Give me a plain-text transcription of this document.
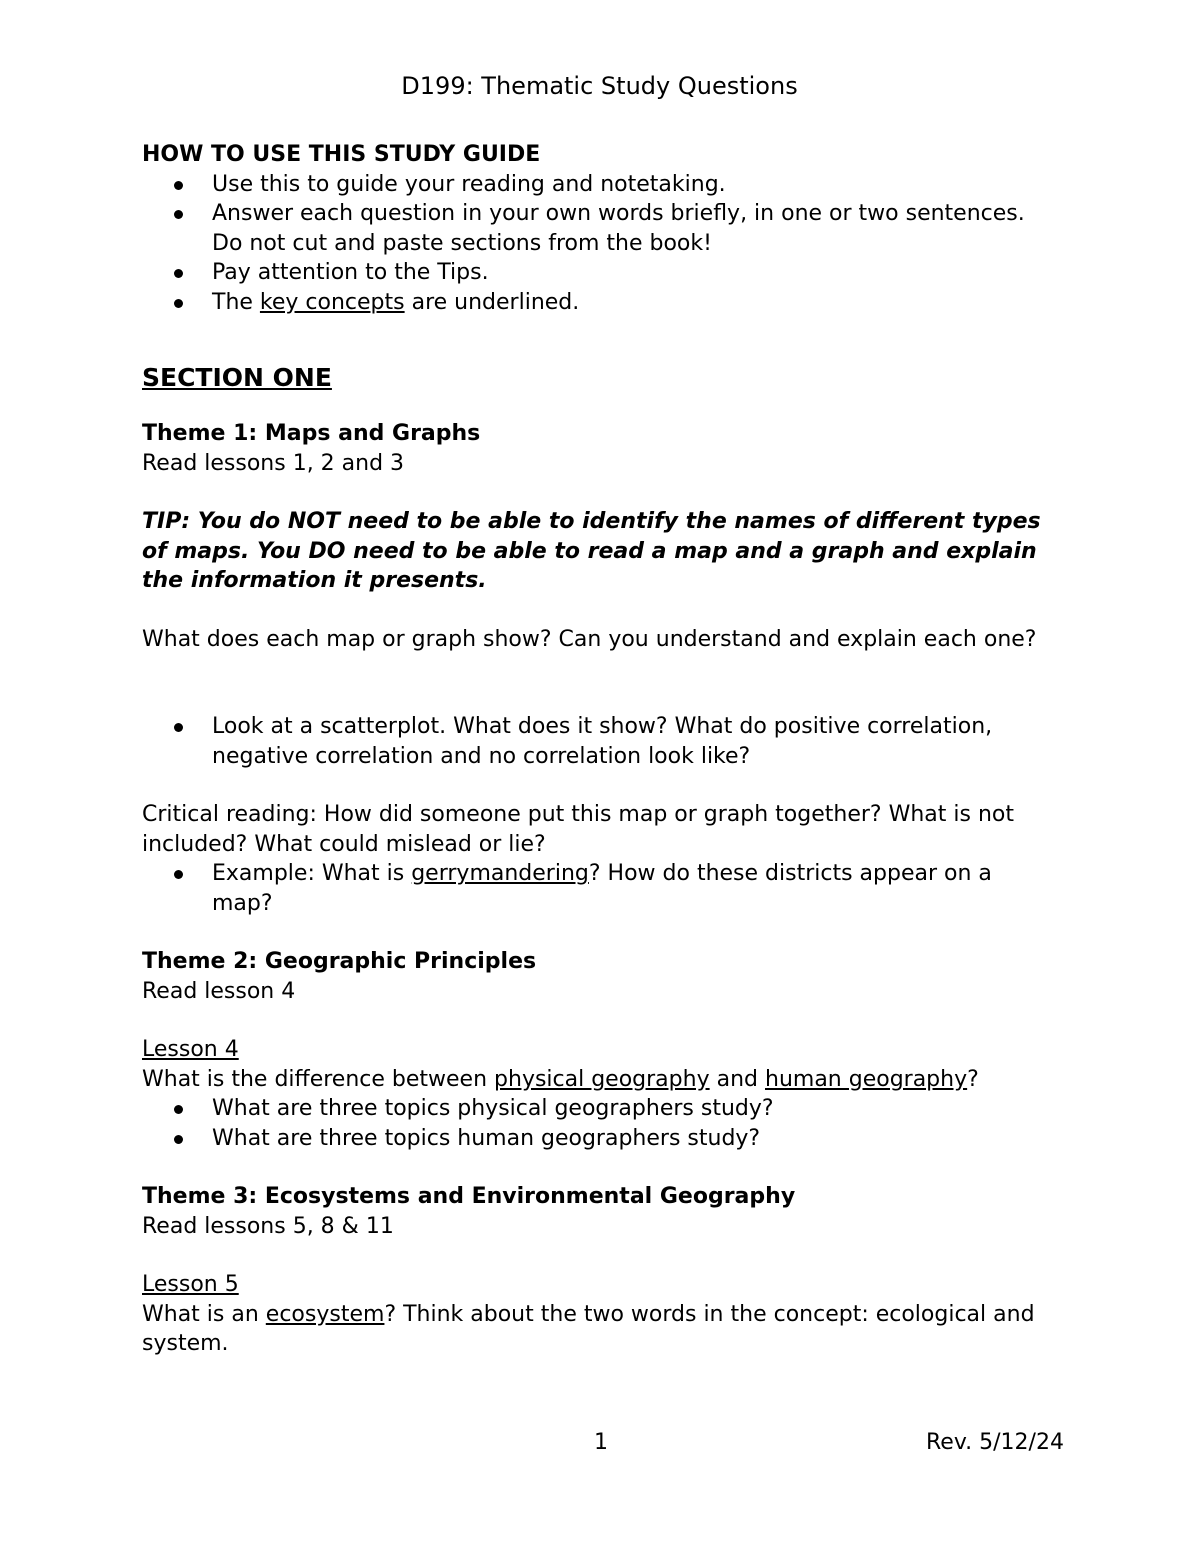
D199: Thematic Study Questions

HOW TO USE THIS STUDY GUIDE

Use this to guide your reading and notetaking.
Answer each question in your own words briefly, in one or two sentences. Do not cut and paste sections from the book!
Pay attention to the Tips.
The key concepts are underlined.

SECTION ONE

Theme 1: Maps and Graphs

Read lessons 1, 2 and 3

TIP: You do NOT need to be able to identify the names of different types of maps. You DO need to be able to read a map and a graph and explain the information it presents.

What does each map or graph show? Can you understand and explain each one?

Look at a scatterplot. What does it show? What do positive correlation, negative correlation and no correlation look like?

Critical reading: How did someone put this map or graph together? What is not included? What could mislead or lie?

Example: What is gerrymandering? How do these districts appear on a map?

Theme 2: Geographic Principles

Read lesson 4

Lesson 4

What is the difference between physical geography and human geography?

What are three topics physical geographers study?
What are three topics human geographers study?

Theme 3: Ecosystems and Environmental Geography

Read lessons 5, 8 & 11

Lesson 5

What is an ecosystem? Think about the two words in the concept: ecological and system.

1	Rev. 5/12/24
